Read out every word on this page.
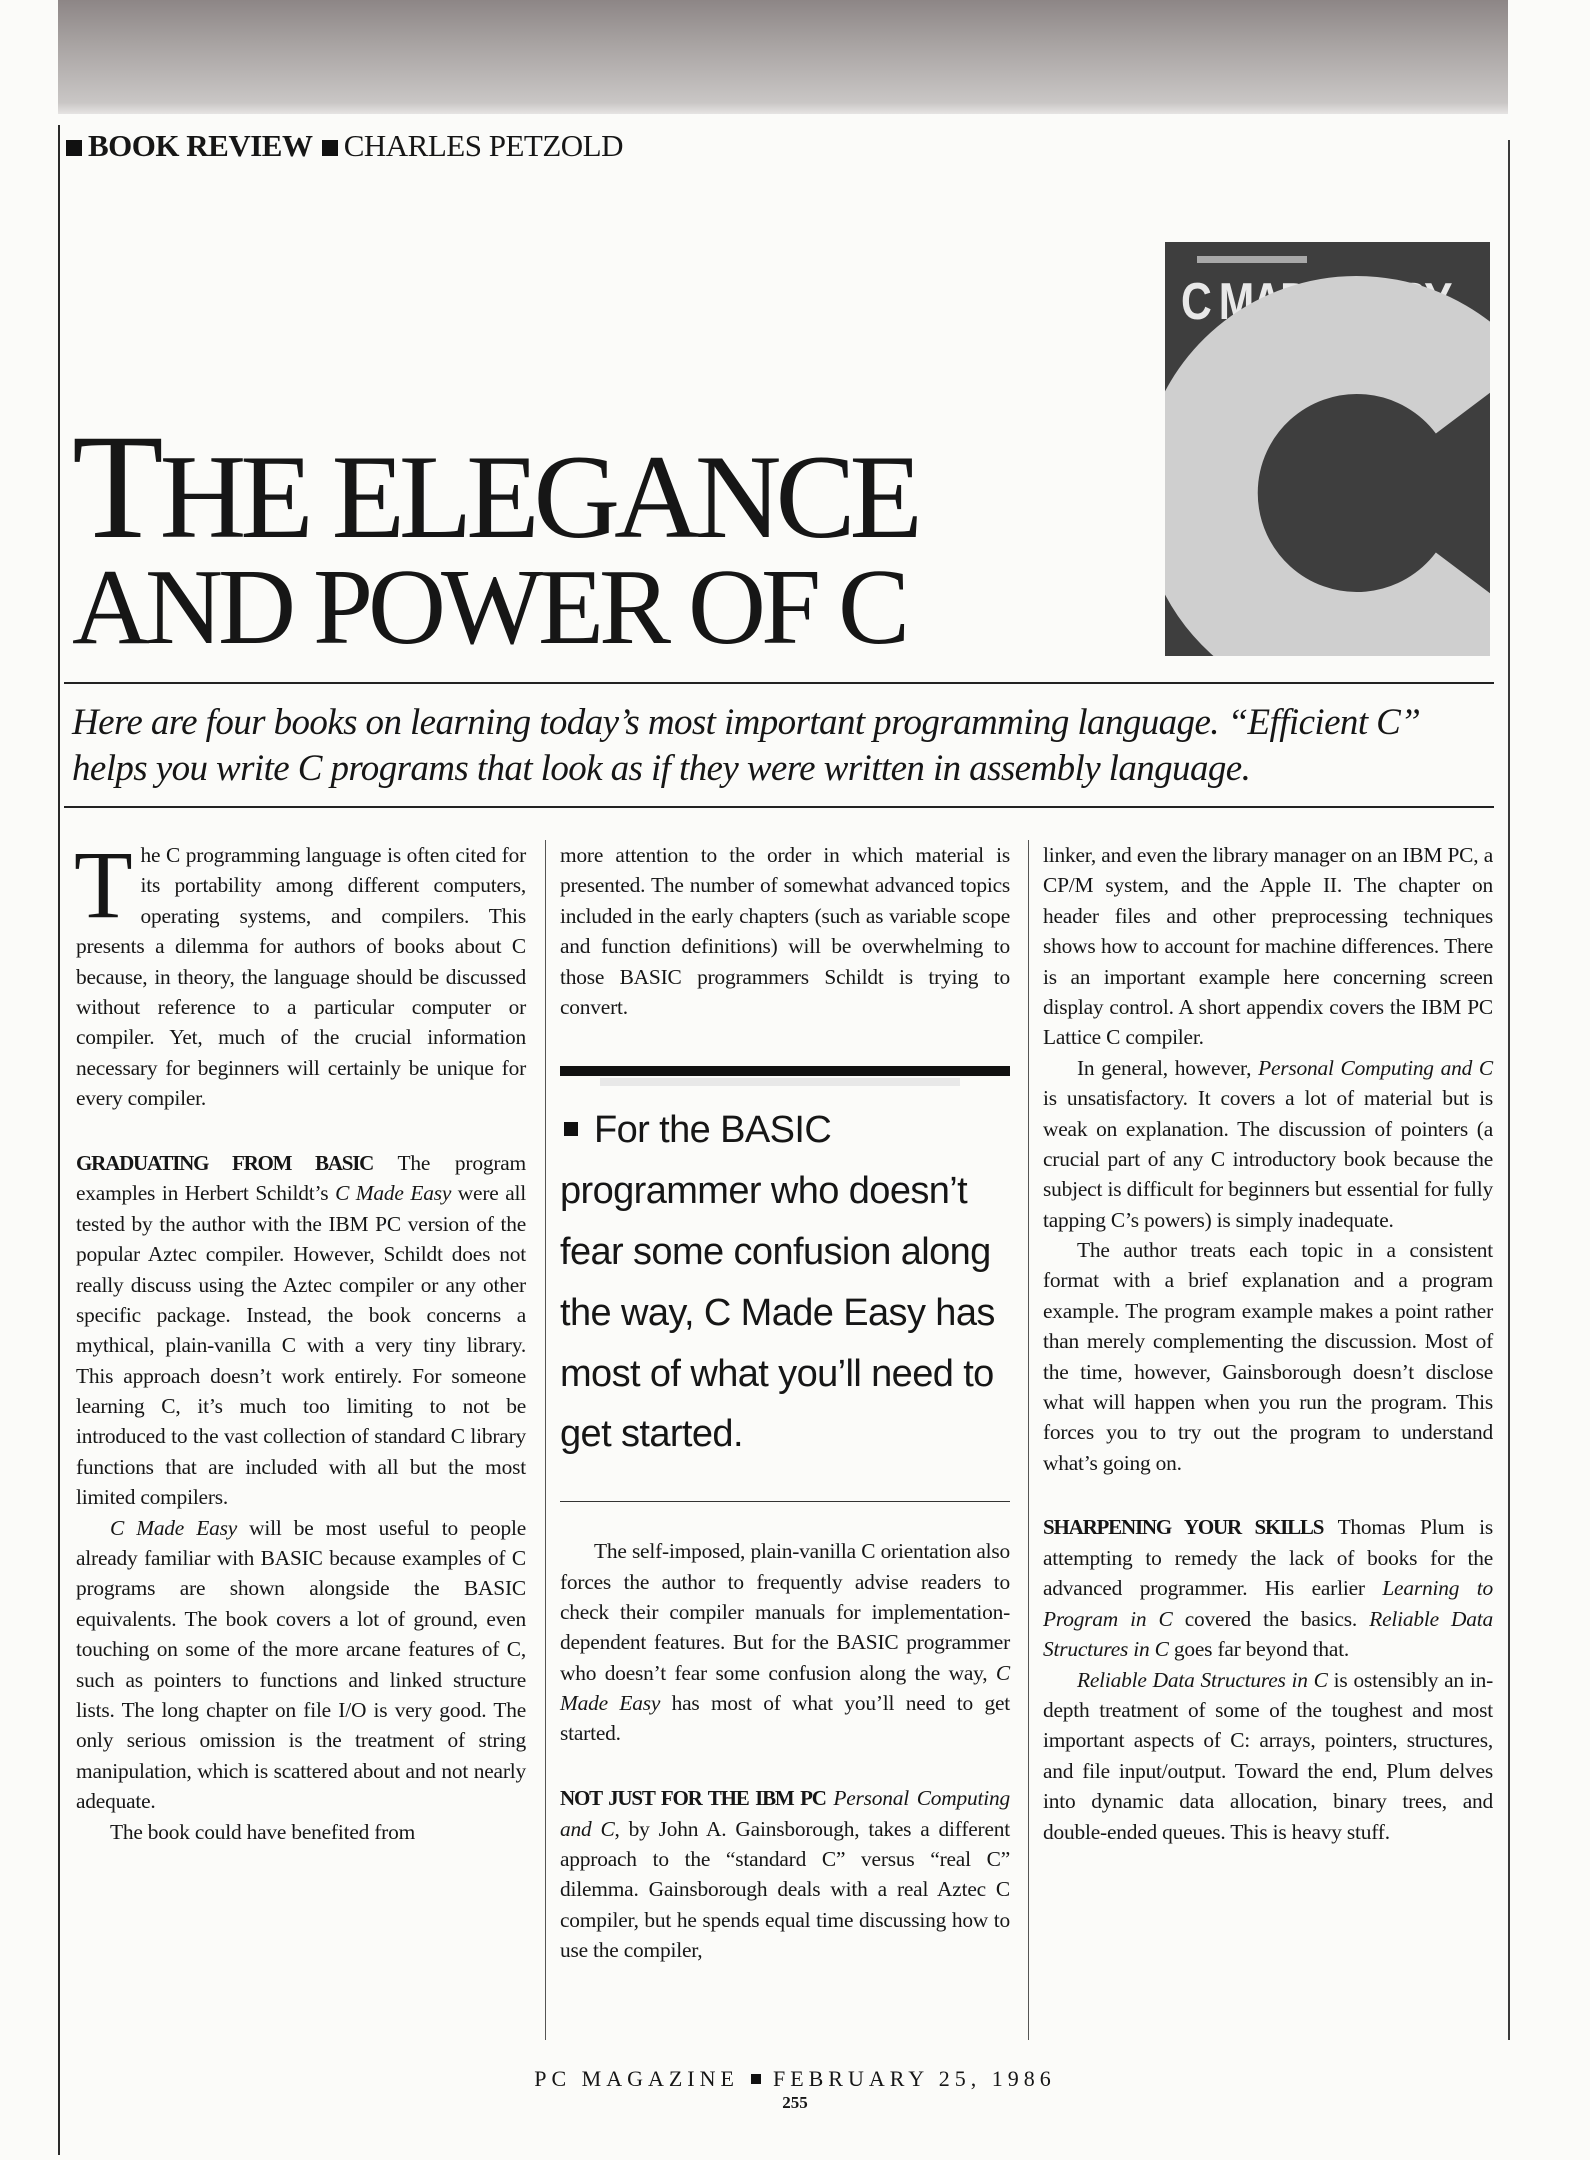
BOOK REVIEW CHARLES PETZOLD
C MADE EASY
THE ELEGANCE
AND POWER OF C
Here are four books on learning today’s most important programming language. “Efficient C” helps you write C programs that look as if they were written in assembly language.

The C programming language is often cited for its portability among different computers, operating systems, and compilers. This presents a dilemma for authors of books about C because, in theory, the language should be discussed without reference to a particular computer or compiler. Yet, much of the crucial information necessary for beginners will certainly be unique for every compiler.

GRADUATING FROM BASIC The program examples in Herbert Schildt’s C Made Easy were all tested by the author with the IBM PC version of the popular Aztec compiler. However, Schildt does not really discuss using the Aztec compiler or any other specific package. Instead, the book concerns a mythical, plain-vanilla C with a very tiny library. This approach doesn’t work entirely. For someone learning C, it’s much too limiting to not be introduced to the vast collection of standard C library functions that are included with all but the most limited compilers.

C Made Easy will be most useful to people already familiar with BASIC because examples of C programs are shown alongside the BASIC equivalents. The book covers a lot of ground, even touching on some of the more arcane features of C, such as pointers to functions and linked structure lists. The long chapter on file I/O is very good. The only serious omission is the treatment of string manipulation, which is scattered about and not nearly adequate.

The book could have benefited from

more attention to the order in which material is presented. The number of somewhat advanced topics included in the early chapters (such as variable scope and function definitions) will be overwhelming to those BASIC programmers Schildt is trying to convert.

For the BASIC programmer who doesn’t fear some confusion along the way, C Made Easy has most of what you’ll need to get started.

The self-imposed, plain-vanilla C orientation also forces the author to frequently advise readers to check their compiler manuals for implementation-dependent features. But for the BASIC programmer who doesn’t fear some confusion along the way, C Made Easy has most of what you’ll need to get started.

NOT JUST FOR THE IBM PC Personal Computing and C, by John A. Gainsborough, takes a different approach to the “standard C” versus “real C” dilemma. Gainsborough deals with a real Aztec C compiler, but he spends equal time discussing how to use the compiler,

linker, and even the library manager on an IBM PC, a CP/M system, and the Apple II. The chapter on header files and other preprocessing techniques shows how to account for machine differences. There is an important example here concerning screen display control. A short appendix covers the IBM PC Lattice C compiler.

In general, however, Personal Computing and C is unsatisfactory. It covers a lot of material but is weak on explanation. The discussion of pointers (a crucial part of any C introductory book because the subject is difficult for beginners but essential for fully tapping C’s powers) is simply inadequate.

The author treats each topic in a consistent format with a brief explanation and a program example. The program example makes a point rather than merely complementing the discussion. Most of the time, however, Gainsborough doesn’t disclose what will happen when you run the program. This forces you to try out the program to understand what’s going on.

SHARPENING YOUR SKILLS Thomas Plum is attempting to remedy the lack of books for the advanced programmer. His earlier Learning to Program in C covered the basics. Reliable Data Structures in C goes far beyond that.

Reliable Data Structures in C is ostensibly an in-depth treatment of some of the toughest and most important aspects of C: arrays, pointers, structures, and file input/output. Toward the end, Plum delves into dynamic data allocation, binary trees, and double-ended queues. This is heavy stuff.

PC MAGAZINE FEBRUARY 25, 1986
255
